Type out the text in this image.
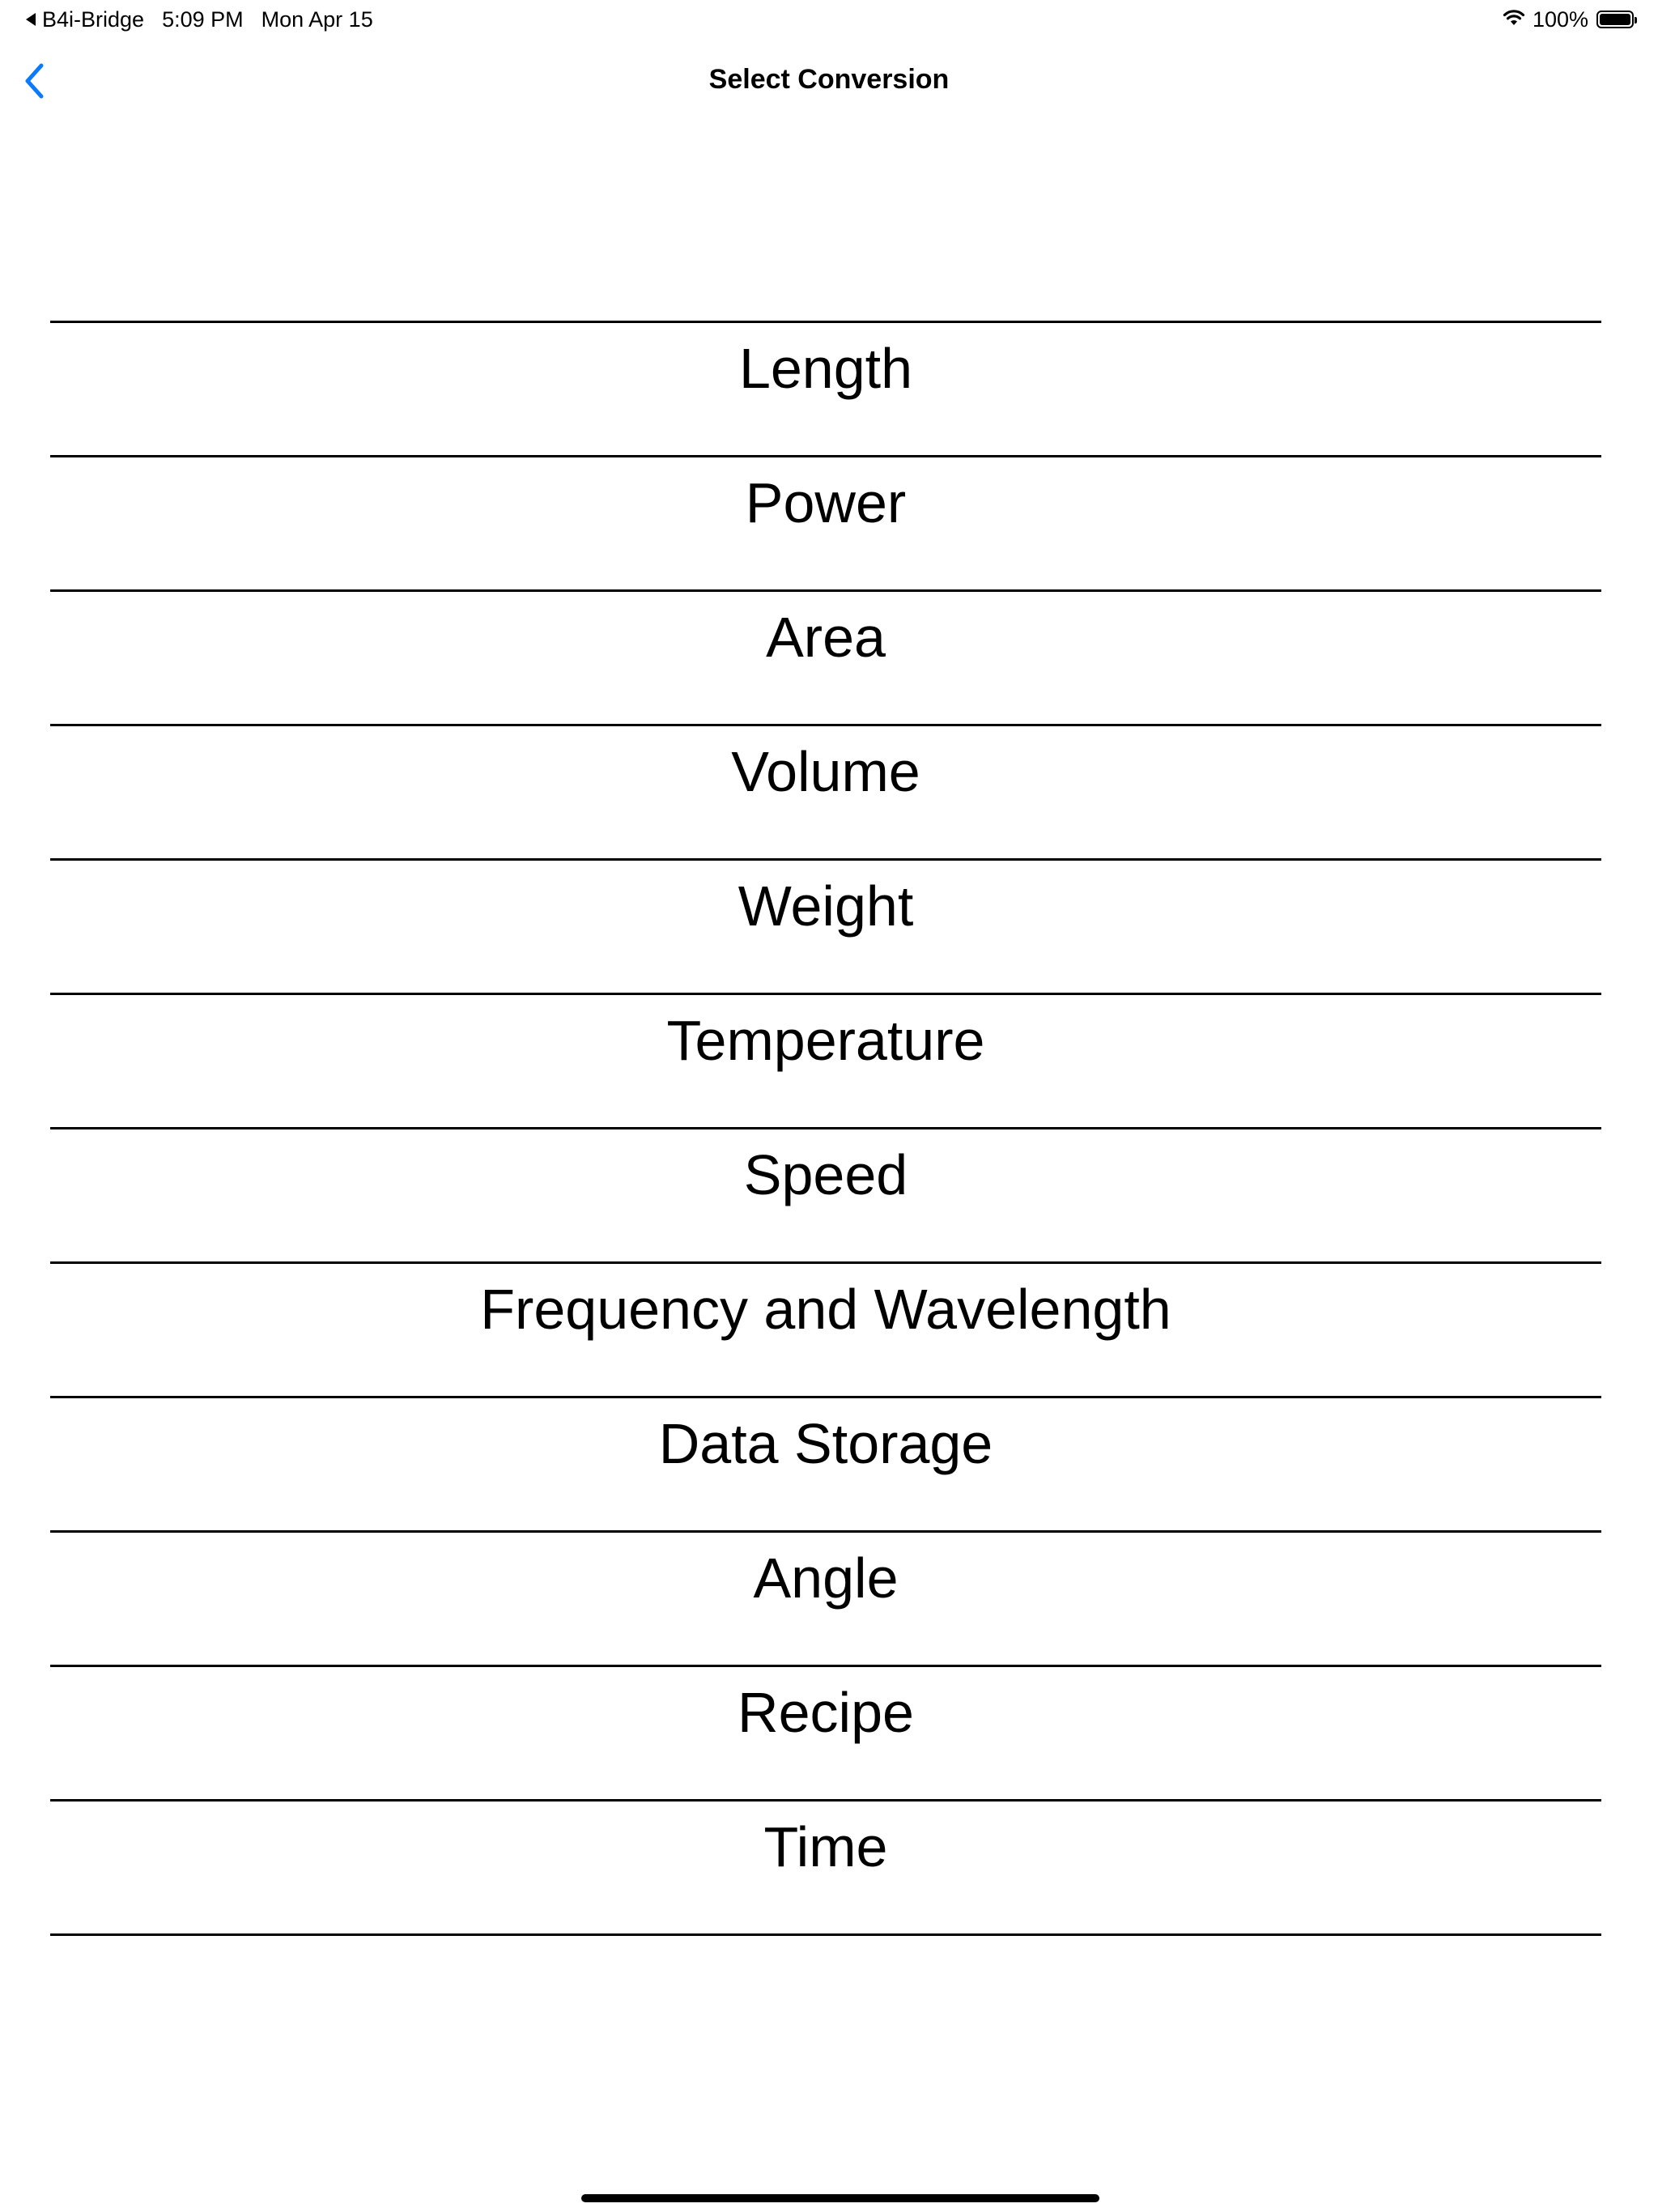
B4i-Bridge 5:09 PM Mon Apr 15	100%
Select Conversion
Length
Power
Area
Volume
Weight
Temperature
Speed
Frequency and Wavelength
Data Storage
Angle
Recipe
Time
